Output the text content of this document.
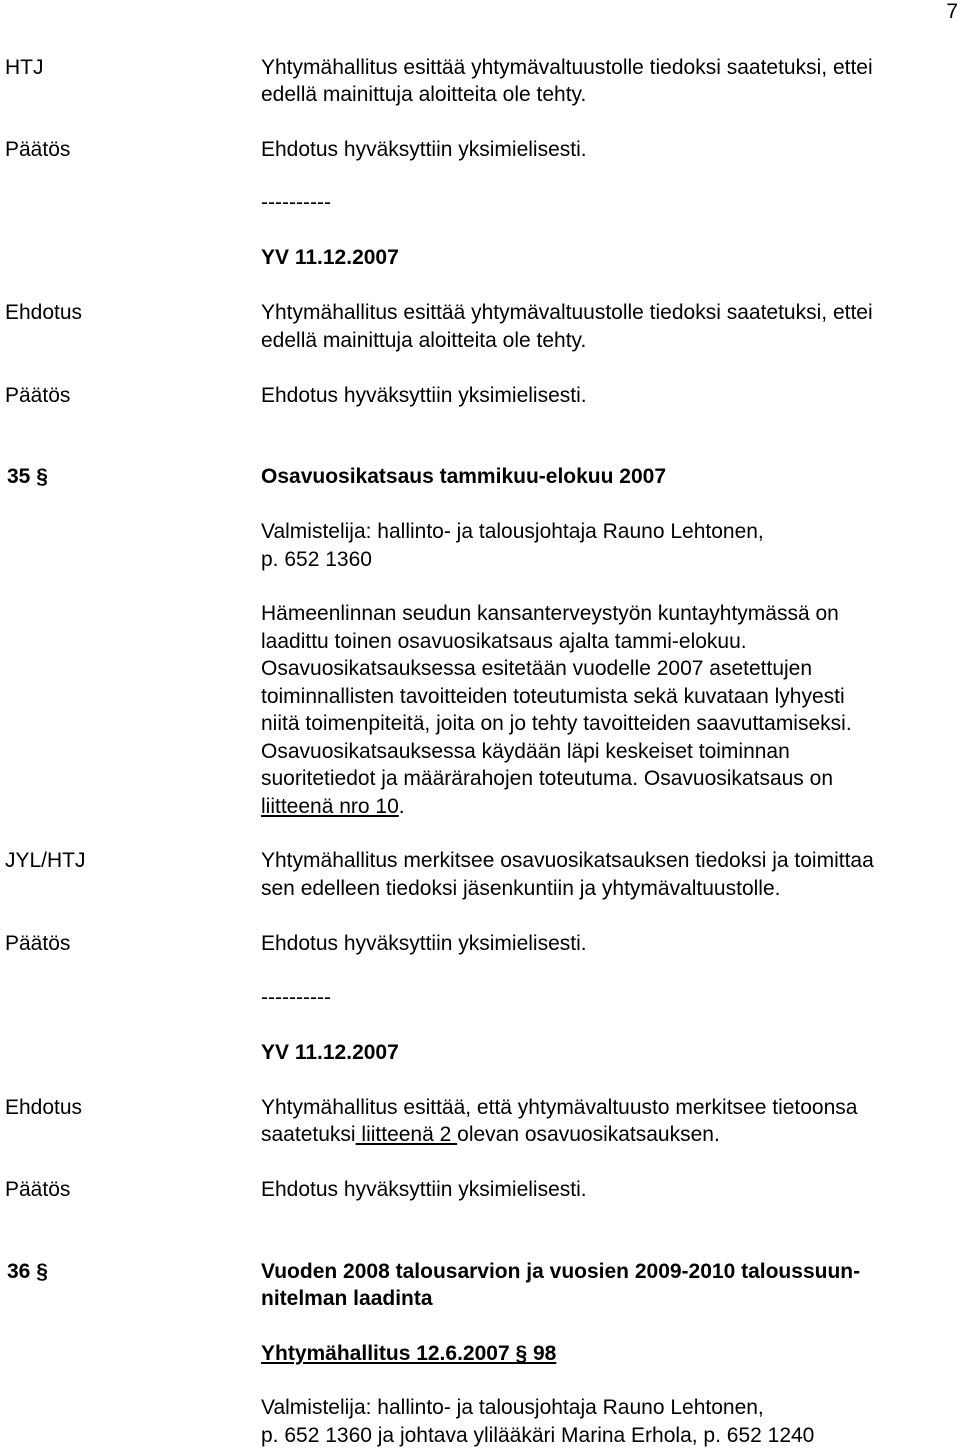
7
HTJ	Yhtymähallitus esittää yhtymävaltuustolle tiedoksi saatetuksi, ettei
edellä mainittuja aloitteita ole tehty.
Päätös	Ehdotus hyväksyttiin yksimielisesti.
----------
YV 11.12.2007
Ehdotus	Yhtymähallitus esittää yhtymävaltuustolle tiedoksi saatetuksi, ettei
edellä mainittuja aloitteita ole tehty.
Päätös	Ehdotus hyväksyttiin yksimielisesti.
35 §	Osavuosikatsaus tammikuu-elokuu 2007
Valmistelija: hallinto- ja talousjohtaja Rauno Lehtonen,
p. 652 1360
Hämeenlinnan seudun kansanterveystyön kuntayhtymässä on
laadittu toinen osavuosikatsaus ajalta tammi-elokuu.
Osavuosikatsauksessa esitetään vuodelle 2007 asetettujen
toiminnallisten tavoitteiden toteutumista sekä kuvataan lyhyesti
niitä toimenpiteitä, joita on jo tehty tavoitteiden saavuttamiseksi.
Osavuosikatsauksessa käydään läpi keskeiset toiminnan
suoritetiedot ja määrärahojen toteutuma. Osavuosikatsaus on
liitteenä nro 10.
JYL/HTJ	Yhtymähallitus merkitsee osavuosikatsauksen tiedoksi ja toimittaa
sen edelleen tiedoksi jäsenkuntiin ja yhtymävaltuustolle.
Päätös	Ehdotus hyväksyttiin yksimielisesti.
----------
YV 11.12.2007
Ehdotus	Yhtymähallitus esittää, että yhtymävaltuusto merkitsee tietoonsa
saatetuksi liitteenä 2 olevan osavuosikatsauksen.
Päätös	Ehdotus hyväksyttiin yksimielisesti.
36 §	Vuoden 2008 talousarvion ja vuosien 2009-2010 taloussuun-
nitelman laadinta
Yhtymähallitus 12.6.2007 § 98
Valmistelija: hallinto- ja talousjohtaja Rauno Lehtonen,
p. 652 1360 ja johtava ylilääkäri Marina Erhola, p. 652 1240
